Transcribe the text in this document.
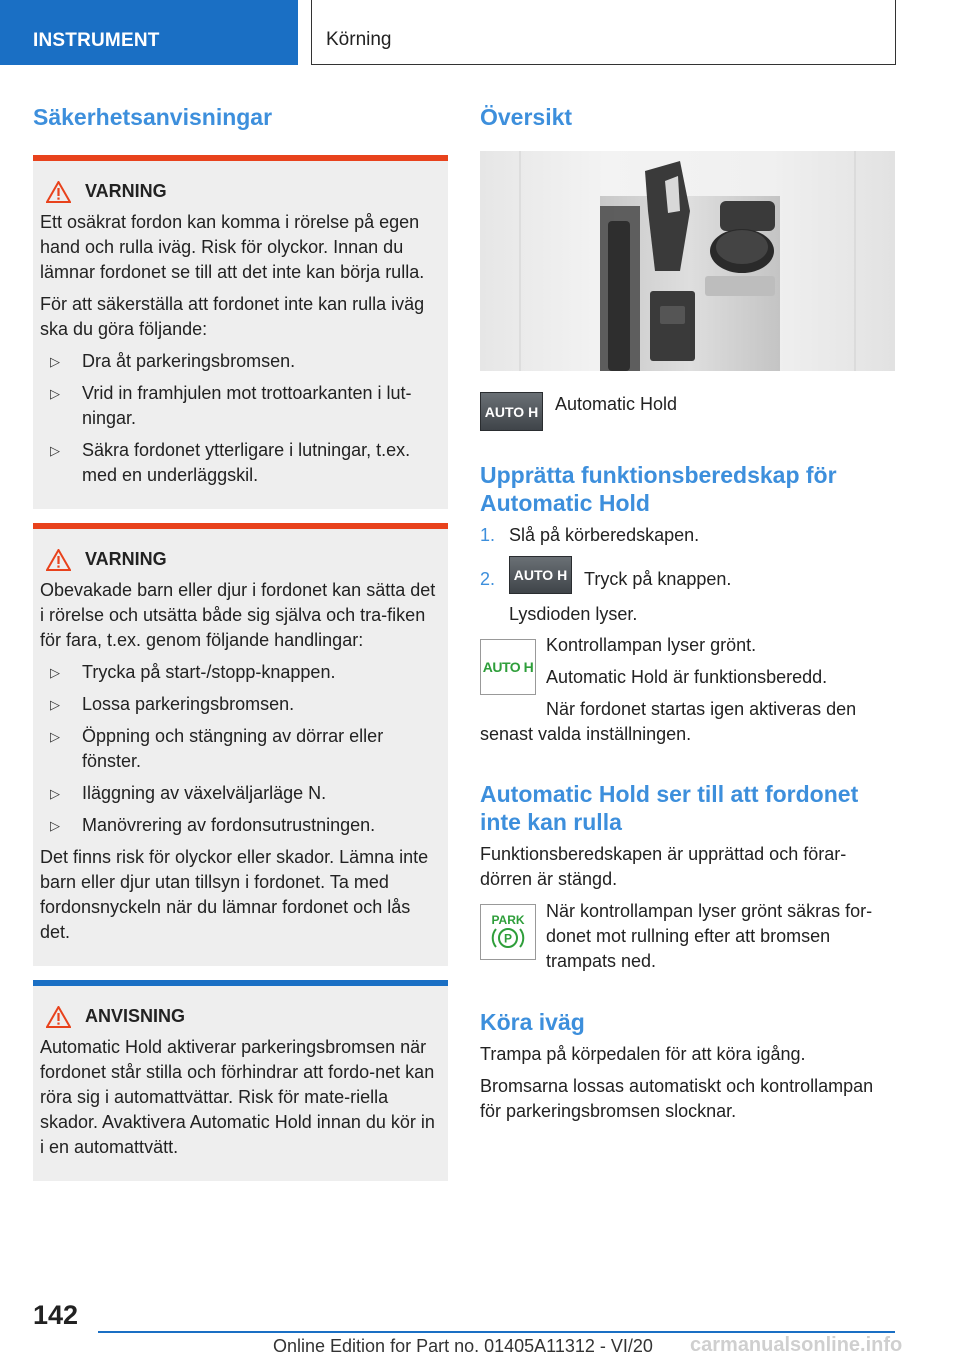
INSTRUMENT	Körning
Säkerhetsanvisningar
VARNING

Ett osäkrat fordon kan komma i rörelse på egen hand och rulla iväg. Risk för olyckor. Innan du lämnar fordonet se till att det inte kan börja rulla.

För att säkerställa att fordonet inte kan rulla iväg ska du göra följande:

▷	Dra åt parkeringsbromsen.
▷	Vrid in framhjulen mot trottoarkanten i lut-ningar.
▷	Säkra fordonet ytterligare i lutningar, t.ex. med en underläggskil.
VARNING

Obevakade barn eller djur i fordonet kan sätta det i rörelse och utsätta både sig själva och tra-fiken för fara, t.ex. genom följande handlingar:

▷	Trycka på start-/stopp-knappen.
▷	Lossa parkeringsbromsen.
▷	Öppning och stängning av dörrar eller fönster.
▷	Iläggning av växelväljarläge N.
▷	Manövrering av fordonsutrustningen.

Det finns risk för olyckor eller skador. Lämna inte barn eller djur utan tillsyn i fordonet. Ta med fordonsnyckeln när du lämnar fordonet och lås det.

ANVISNING

Automatic Hold aktiverar parkeringsbromsen när fordonet står stilla och förhindrar att fordo-net kan röra sig i automattvättar. Risk för mate-riella skador. Avaktivera Automatic Hold innan du kör in i en automattvätt.

Översikt
AUTO H Automatic Hold
Upprätta funktionsberedskap för Automatic Hold
1. Slå på körberedskapen.
2.	AUTO H Tryck på knappen.
Lysdioden lyser.
AUTO H

Kontrollampan lyser grönt.

Automatic Hold är funktionsberedd.

När fordonet startas igen aktiveras den senast valda inställningen.

Automatic Hold ser till att fordonet inte kan rulla

Funktionsberedskapen är upprättad och förar-dörren är stängd.

PARK
P

När kontrollampan lyser grönt säkras for-donet mot rullning efter att bromsen trampats ned.

Köra iväg

Trampa på körpedalen för att köra igång.

Bromsarna lossas automatiskt och kontrollampan för parkeringsbromsen slocknar.

142
Online Edition for Part no. 01405A11312 - VI/20 carmanualsonline.info
